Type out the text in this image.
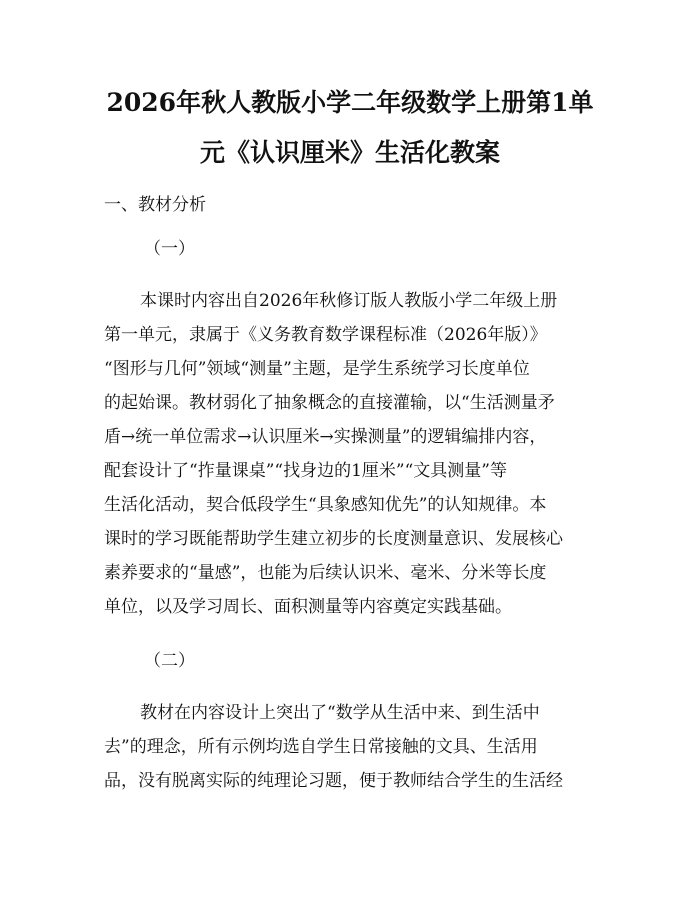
2026年秋人教版小学二年级数学上册第1单
元《认识厘米》生活化教案

一、教材分析

（一）

本课时内容出自2026年秋修订版人教版小学二年级上册

第一单元，隶属于《义务教育数学课程标准（2026年版）》

“图形与几何”领域“测量”主题，是学生系统学习长度单位

的起始课。教材弱化了抽象概念的直接灌输，以“生活测量矛

盾→统一单位需求→认识厘米→实操测量”的逻辑编排内容，

配套设计了“拃量课桌”“找身边的1厘米”“文具测量”等

生活化活动，契合低段学生“具象感知优先”的认知规律。本

课时的学习既能帮助学生建立初步的长度测量意识、发展核心

素养要求的“量感”，也能为后续认识米、毫米、分米等长度

单位，以及学习周长、面积测量等内容奠定实践基础。

（二）

教材在内容设计上突出了“数学从生活中来、到生活中

去”的理念，所有示例均选自学生日常接触的文具、生活用

品，没有脱离实际的纯理论习题，便于教师结合学生的生活经
